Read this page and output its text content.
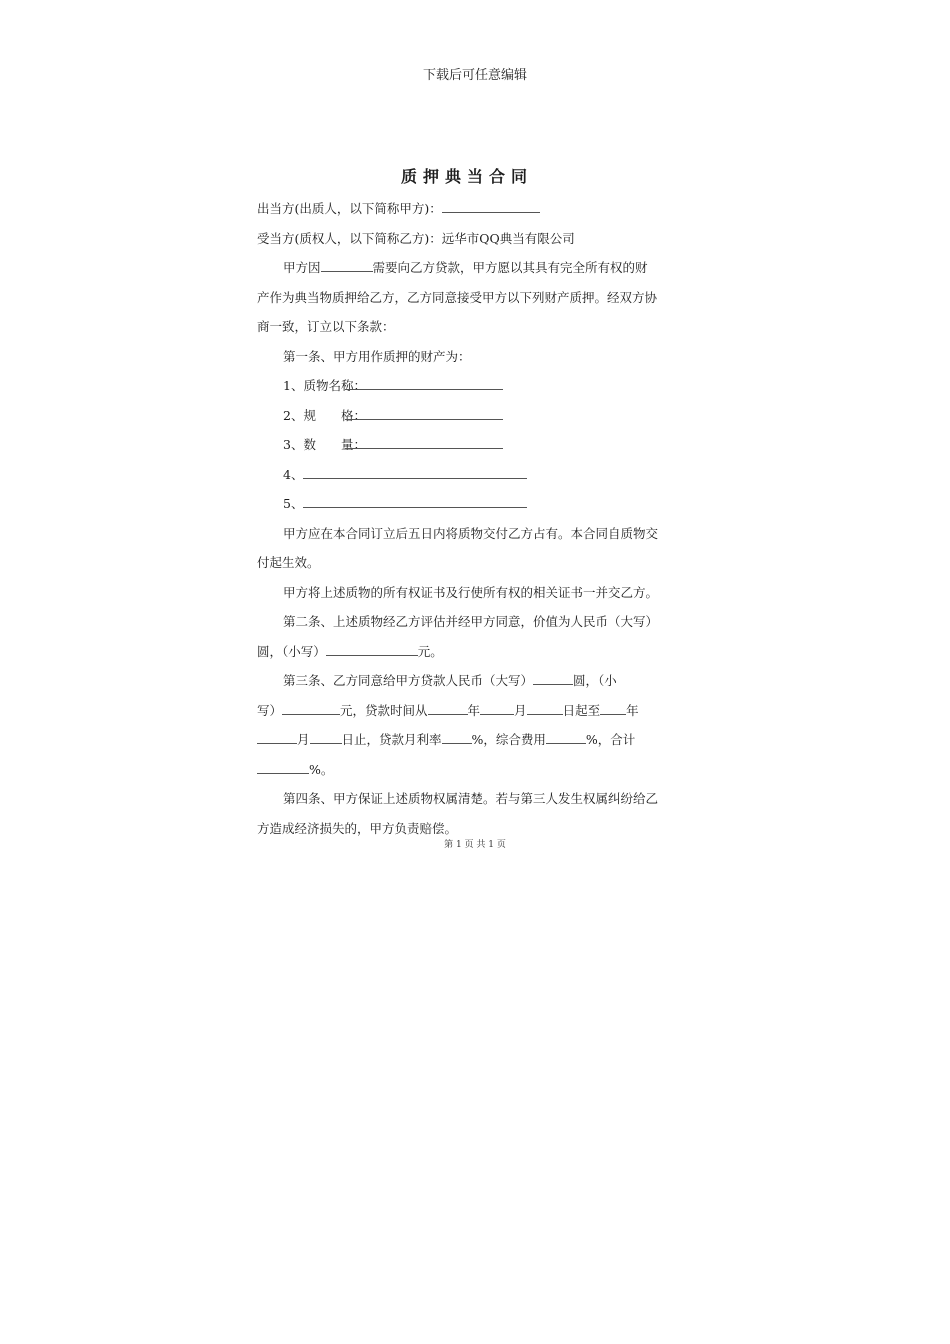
下载后可任意编辑
质押典当合同
出当方(出质人，以下简称甲方)：
受当方(质权人，以下简称乙方)：远华市QQ典当有限公司
甲方因	需要向乙方贷款，甲方愿以其具有完全所有权的财
产作为典当物质押给乙方，乙方同意接受甲方以下列财产质押。经双方协
商一致，订立以下条款：
第一条、甲方用作质押的财产为：
1、质物名称：
2、规　　格：
3、数　　量：
4、
5、
甲方应在本合同订立后五日内将质物交付乙方占有。本合同自质物交
付起生效。
甲方将上述质物的所有权证书及行使所有权的相关证书一并交乙方。
第二条、上述质物经乙方评估并经甲方同意，价值为人民币（大写）
圆，（小写）	元。
第三条、乙方同意给甲方贷款人民币（大写）	圆，（小
写）	元，贷款时间从	年	月	日起至 年
月	日止，贷款月利率 %，综合费用	%，合计
%。
第四条、甲方保证上述质物权属清楚。若与第三人发生权属纠纷给乙
方造成经济损失的，甲方负责赔偿。
第 1 页 共 1 页
